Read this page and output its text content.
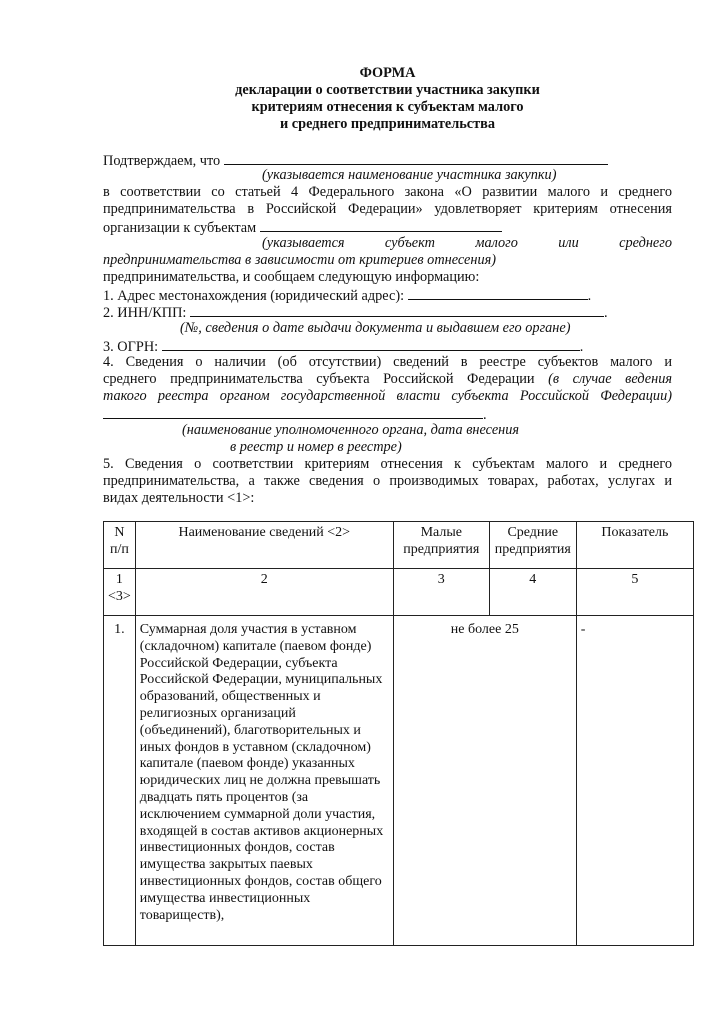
ФОРМА
декларации о соответствии участника закупки
критериям отнесения к субъектам малого
и среднего предпринимательства
Подтверждаем, что
(указывается наименование участника закупки)
в соответствии со статьей 4 Федерального закона «О развитии малого и среднего
предпринимательства в Российской Федерации» удовлетворяет критериям отнесения
организации к субъектам
(указывается субъект малого или среднего
предпринимательства в зависимости от критериев отнесения)
предпринимательства, и сообщаем следующую информацию:
1. Адрес местонахождения (юридический адрес):	.
2. ИНН/КПП:	.
(№, сведения о дате выдачи документа и выдавшем его органе)
3. ОГРН:	.
4. Сведения о наличии (об отсутствии) сведений в реестре субъектов малого и
среднего предпринимательства субъекта Российской Федерации (в случае ведения
такого реестра органом государственной власти субъекта Российской Федерации)
.
(наименование уполномоченного органа, дата внесения
в реестр и номер в реестре)
5. Сведения о соответствии критериям отнесения к субъектам малого и среднего
предпринимательства, а также сведения о производимых товарах, работах, услугах и
видах деятельности <1>:
N п/п	Наименование сведений <2>	Малые предприятия	Средние предприятия	Показатель
1 <3>	2	3	4	5
1.	Суммарная доля участия в уставном (складочном) капитале (паевом фонде) Российской Федерации, субъекта Российской Федерации, муниципальных образований, общественных и религиозных организаций (объединений), благотворительных и иных фондов в уставном (складочном) капитале (паевом фонде) указанных юридических лиц не должна превышать двадцать пять процентов (за исключением суммарной доли участия, входящей в состав активов акционерных инвестиционных фондов, состав имущества закрытых паевых инвестиционных фондов, состав общего имущества инвестиционных товариществ),	не более 25		-
